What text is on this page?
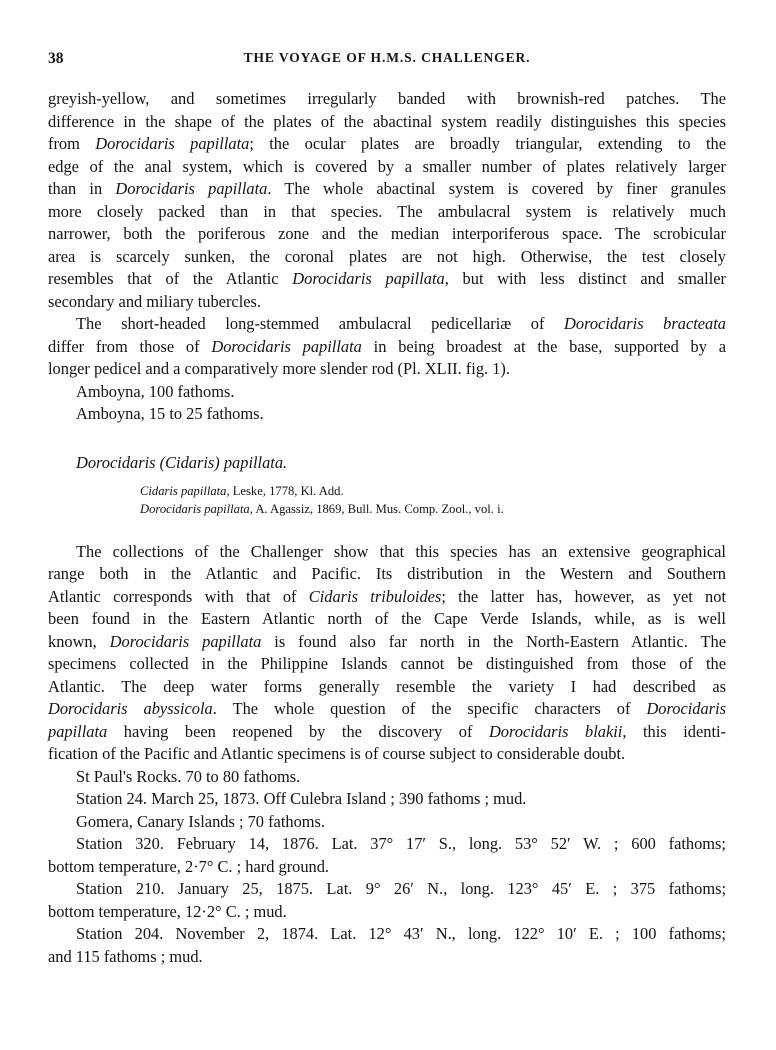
38	THE VOYAGE OF H.M.S. CHALLENGER.
greyish-yellow, and sometimes irregularly banded with brownish-red patches. The
difference in the shape of the plates of the abactinal system readily distinguishes this species
from Dorocidaris papillata; the ocular plates are broadly triangular, extending to the
edge of the anal system, which is covered by a smaller number of plates relatively larger
than in Dorocidaris papillata. The whole abactinal system is covered by finer granules
more closely packed than in that species. The ambulacral system is relatively much
narrower, both the poriferous zone and the median interporiferous space. The scrobicular
area is scarcely sunken, the coronal plates are not high. Otherwise, the test closely
resembles that of the Atlantic Dorocidaris papillata, but with less distinct and smaller
secondary and miliary tubercles.
The short-headed long-stemmed ambulacral pedicellariæ of Dorocidaris bracteata
differ from those of Dorocidaris papillata in being broadest at the base, supported by a
longer pedicel and a comparatively more slender rod (Pl. XLII. fig. 1).
Amboyna, 100 fathoms.
Amboyna, 15 to 25 fathoms.
Dorocidaris (Cidaris) papillata.
Cidaris papillata, Leske, 1778, Kl. Add.
Dorocidaris papillata, A. Agassiz, 1869, Bull. Mus. Comp. Zool., vol. i.
The collections of the Challenger show that this species has an extensive geographical
range both in the Atlantic and Pacific. Its distribution in the Western and Southern
Atlantic corresponds with that of Cidaris tribuloides; the latter has, however, as yet not
been found in the Eastern Atlantic north of the Cape Verde Islands, while, as is well
known, Dorocidaris papillata is found also far north in the North-Eastern Atlantic. The
specimens collected in the Philippine Islands cannot be distinguished from those of the
Atlantic. The deep water forms generally resemble the variety I had described as
Dorocidaris abyssicola. The whole question of the specific characters of Dorocidaris
papillata having been reopened by the discovery of Dorocidaris blakii, this identi-
fication of the Pacific and Atlantic specimens is of course subject to considerable doubt.
St Paul's Rocks. 70 to 80 fathoms.
Station 24. March 25, 1873. Off Culebra Island ; 390 fathoms ; mud.
Gomera, Canary Islands ; 70 fathoms.
Station 320. February 14, 1876. Lat. 37° 17′ S., long. 53° 52′ W. ; 600 fathoms;
bottom temperature, 2·7° C. ; hard ground.
Station 210. January 25, 1875. Lat. 9° 26′ N., long. 123° 45′ E. ; 375 fathoms;
bottom temperature, 12·2° C. ; mud.
Station 204. November 2, 1874. Lat. 12° 43′ N., long. 122° 10′ E. ; 100 fathoms;
and 115 fathoms ; mud.
